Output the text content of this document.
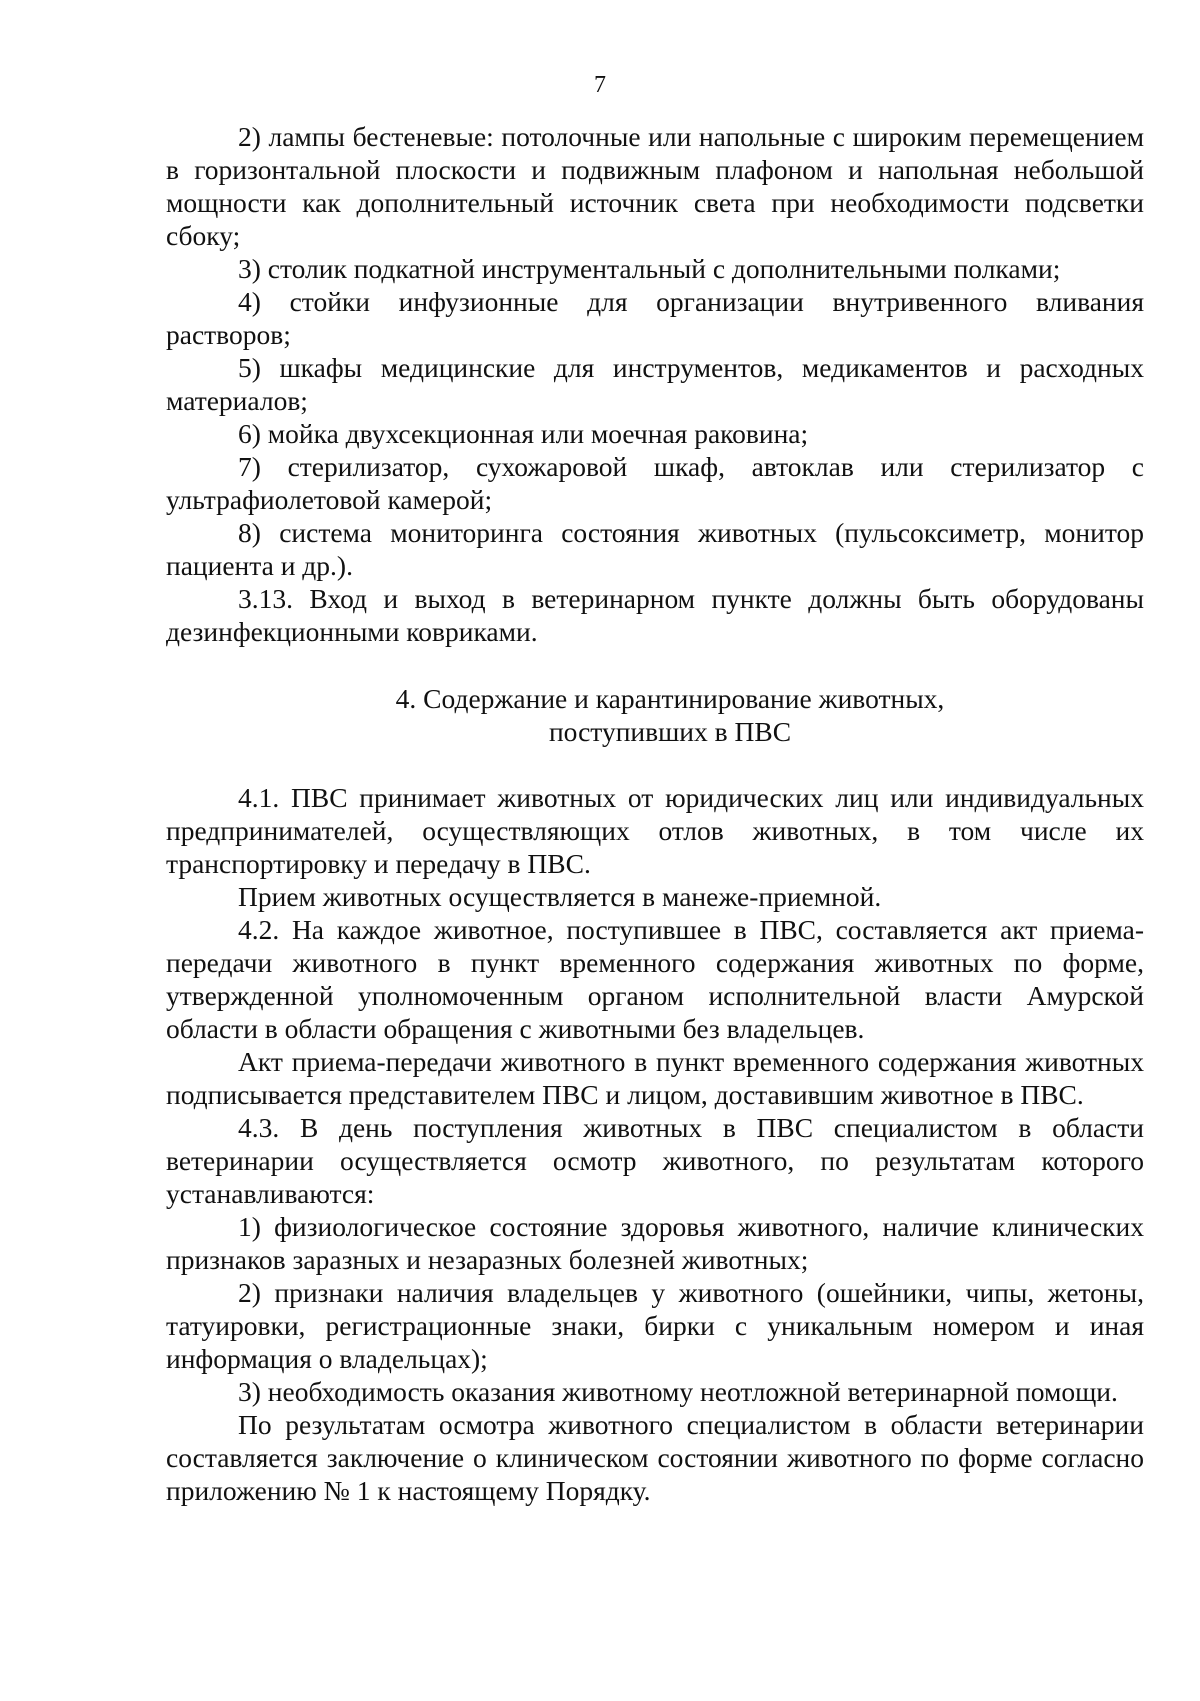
7

2) лампы бестеневые: потолочные или напольные с широким перемещением в горизонтальной плоскости и подвижным плафоном и напольная небольшой мощности как дополнительный источник света при необходимости подсветки сбоку;

3) столик подкатной инструментальный с дополнительными полками;

4) стойки инфузионные для организации внутривенного вливания растворов;

5) шкафы медицинские для инструментов, медикаментов и расходных материалов;

6) мойка двухсекционная или моечная раковина;

7) стерилизатор, сухожаровой шкаф, автоклав или стерилизатор с ультрафиолетовой камерой;

8) система мониторинга состояния животных (пульсоксиметр, монитор пациента и др.).

3.13. Вход и выход в ветеринарном пункте должны быть оборудованы дезинфекционными ковриками.

4. Содержание и карантинирование животных,

поступивших в ПВС

4.1. ПВС принимает животных от юридических лиц или индивидуальных предпринимателей, осуществляющих отлов животных, в том числе их транспортировку и передачу в ПВС.

Прием животных осуществляется в манеже-приемной.

4.2. На каждое животное, поступившее в ПВС, составляется акт приема-передачи животного в пункт временного содержания животных по форме, утвержденной уполномоченным органом исполнительной власти Амурской области в области обращения с животными без владельцев.

Акт приема-передачи животного в пункт временного содержания животных подписывается представителем ПВС и лицом, доставившим животное в ПВС.

4.3. В день поступления животных в ПВС специалистом в области ветеринарии осуществляется осмотр животного, по результатам которого устанавливаются:

1) физиологическое состояние здоровья животного, наличие клинических признаков заразных и незаразных болезней животных;

2) признаки наличия владельцев у животного (ошейники, чипы, жетоны, татуировки, регистрационные знаки, бирки с уникальным номером и иная информация о владельцах);

3) необходимость оказания животному неотложной ветеринарной помощи.

По результатам осмотра животного специалистом в области ветеринарии составляется заключение о клиническом состоянии животного по форме согласно приложению № 1 к настоящему Порядку.
